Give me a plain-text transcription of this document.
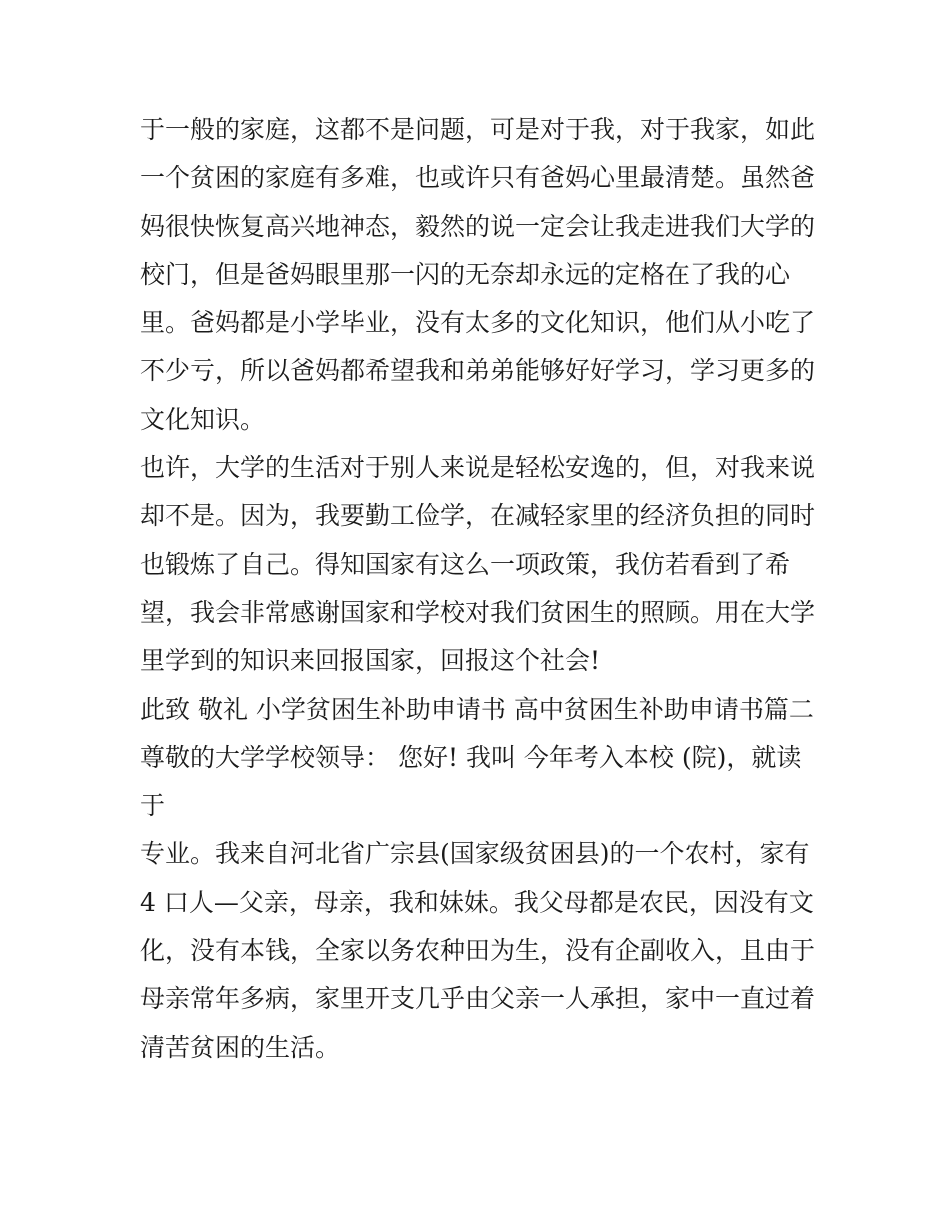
于一般的家庭，这都不是问题，可是对于我，对于我家，如此
一个贫困的家庭有多难，也或许只有爸妈心里最清楚。虽然爸
妈很快恢复高兴地神态，毅然的说一定会让我走进我们大学的
校门，但是爸妈眼里那一闪的无奈却永远的定格在了我的心
里。爸妈都是小学毕业，没有太多的文化知识，他们从小吃了
不少亏，所以爸妈都希望我和弟弟能够好好学习，学习更多的
文化知识。
也许，大学的生活对于别人来说是轻松安逸的，但，对我来说
却不是。因为，我要勤工俭学，在减轻家里的经济负担的同时
也锻炼了自己。得知国家有这么一项政策，我仿若看到了希
望，我会非常感谢国家和学校对我们贫困生的照顾。用在大学
里学到的知识来回报国家，回报这个社会!
此致 敬礼 小学贫困生补助申请书 高中贫困生补助申请书篇二
尊敬的大学学校领导： 您好! 我叫 今年考入本校 (院)，就读
于
专业。我来自河北省广宗县(国家级贫困县)的一个农村，家有
4 口人—父亲，母亲，我和妹妹。我父母都是农民，因没有文
化，没有本钱，全家以务农种田为生，没有企副收入，且由于
母亲常年多病，家里开支几乎由父亲一人承担，家中一直过着
清苦贫困的生活。
